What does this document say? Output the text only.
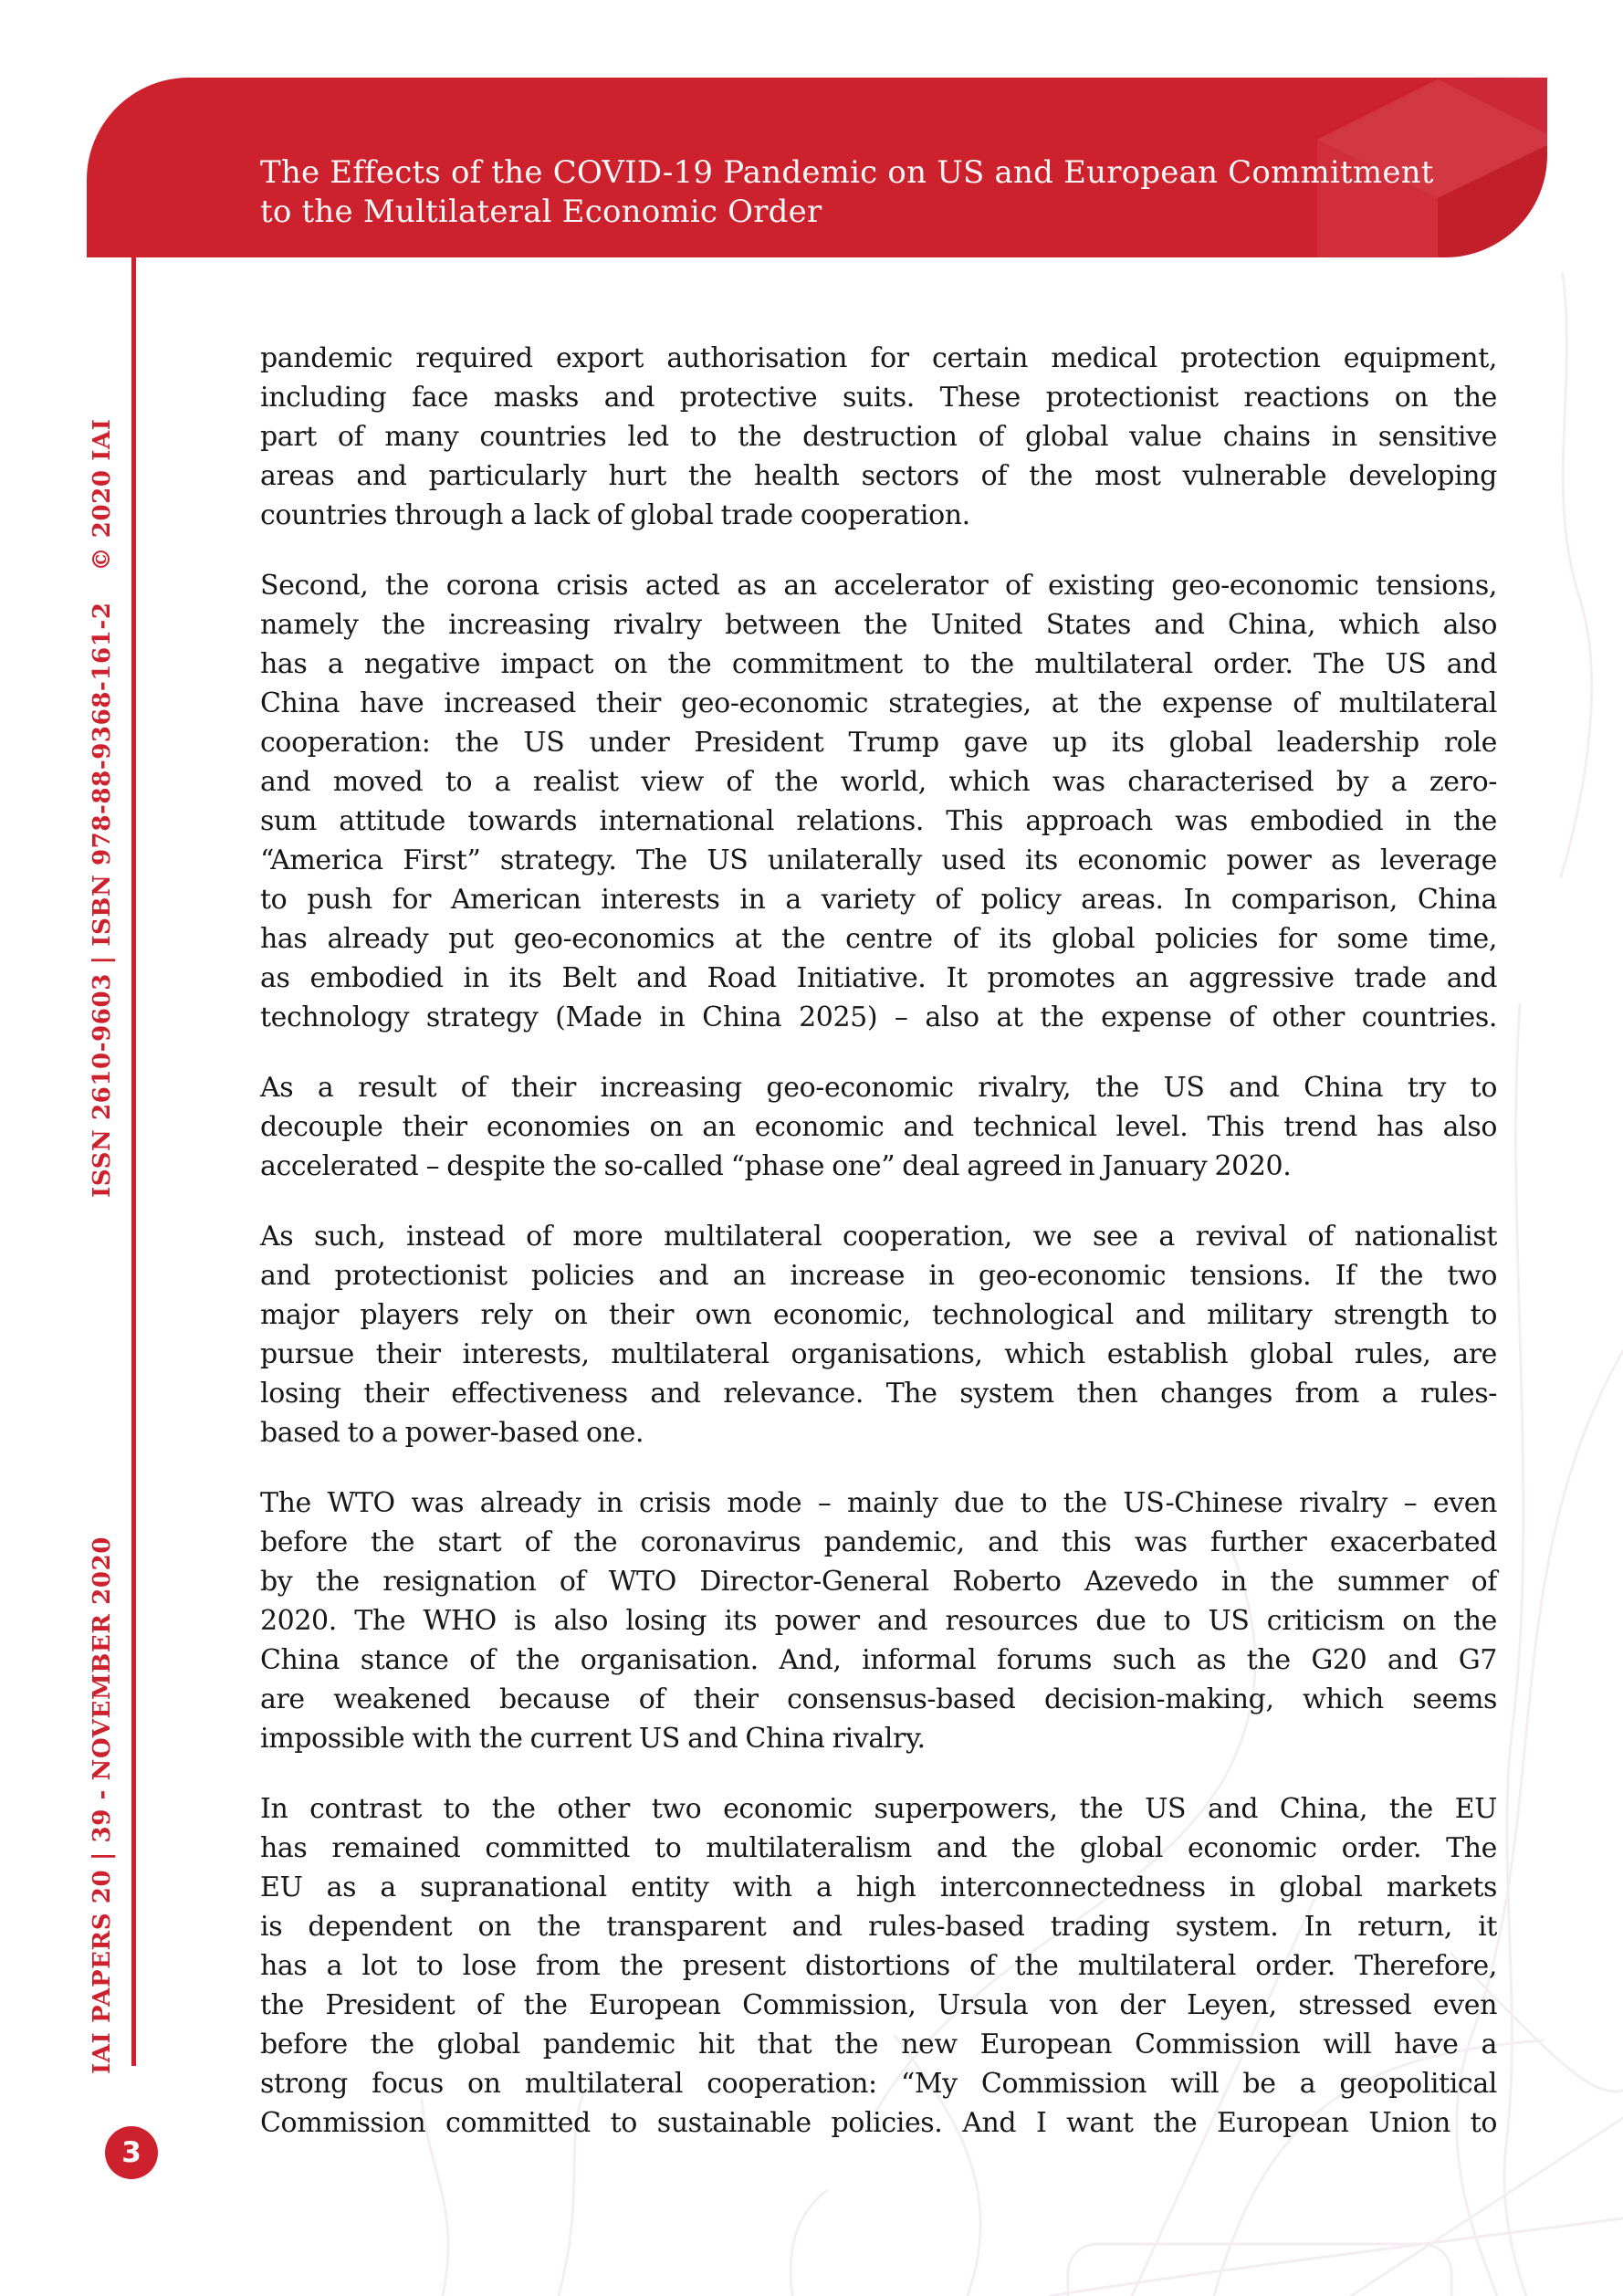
The Effects of the COVID-19 Pandemic on US and European Commitment
to the Multilateral Economic Order
ISSN 2610-9603 | ISBN 978-88-9368-161-2
© 2020 IAI
IAI PAPERS 20 | 39 - NOVEMBER 2020
3
pandemic required export authorisation for certain medical protection equipment,
including face masks and protective suits. These protectionist reactions on the
part of many countries led to the destruction of global value chains in sensitive
areas and particularly hurt the health sectors of the most vulnerable developing
countries through a lack of global trade cooperation.
Second, the corona crisis acted as an accelerator of existing geo-economic tensions,
namely the increasing rivalry between the United States and China, which also
has a negative impact on the commitment to the multilateral order. The US and
China have increased their geo-economic strategies, at the expense of multilateral
cooperation: the US under President Trump gave up its global leadership role
and moved to a realist view of the world, which was characterised by a zero-
sum attitude towards international relations. This approach was embodied in the
“America First” strategy. The US unilaterally used its economic power as leverage
to push for American interests in a variety of policy areas. In comparison, China
has already put geo-economics at the centre of its global policies for some time,
as embodied in its Belt and Road Initiative. It promotes an aggressive trade and
technology strategy (Made in China 2025) – also at the expense of other countries.
As a result of their increasing geo-economic rivalry, the US and China try to
decouple their economies on an economic and technical level. This trend has also
accelerated – despite the so-called “phase one” deal agreed in January 2020.
As such, instead of more multilateral cooperation, we see a revival of nationalist
and protectionist policies and an increase in geo-economic tensions. If the two
major players rely on their own economic, technological and military strength to
pursue their interests, multilateral organisations, which establish global rules, are
losing their effectiveness and relevance. The system then changes from a rules-
based to a power-based one.
The WTO was already in crisis mode – mainly due to the US-Chinese rivalry – even
before the start of the coronavirus pandemic, and this was further exacerbated
by the resignation of WTO Director-General Roberto Azevedo in the summer of
2020. The WHO is also losing its power and resources due to US criticism on the
China stance of the organisation. And, informal forums such as the G20 and G7
are weakened because of their consensus-based decision-making, which seems
impossible with the current US and China rivalry.
In contrast to the other two economic superpowers, the US and China, the EU
has remained committed to multilateralism and the global economic order. The
EU as a supranational entity with a high interconnectedness in global markets
is dependent on the transparent and rules-based trading system. In return, it
has a lot to lose from the present distortions of the multilateral order. Therefore,
the President of the European Commission, Ursula von der Leyen, stressed even
before the global pandemic hit that the new European Commission will have a
strong focus on multilateral cooperation: “My Commission will be a geopolitical
Commission committed to sustainable policies. And I want the European Union to
